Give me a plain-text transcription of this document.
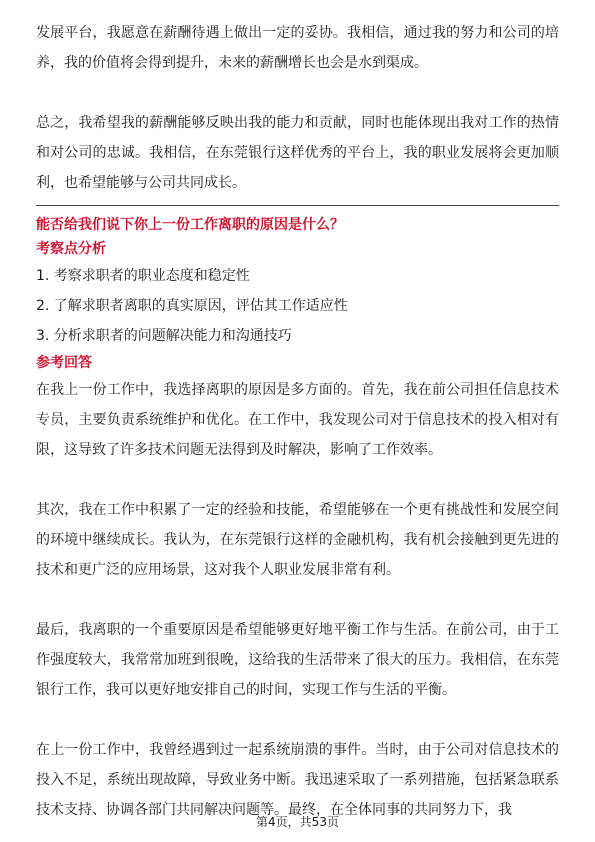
发展平台，我愿意在薪酬待遇上做出一定的妥协。我相信，通过我的努力和公司的培养，我的价值将会得到提升，未来的薪酬增长也会是水到渠成。

总之，我希望我的薪酬能够反映出我的能力和贡献，同时也能体现出我对工作的热情和对公司的忠诚。我相信，在东莞银行这样优秀的平台上，我的职业发展将会更加顺利，也希望能够与公司共同成长。

能否给我们说下你上一份工作离职的原因是什么？

考察点分析

1. 考察求职者的职业态度和稳定性

2. 了解求职者离职的真实原因，评估其工作适应性

3. 分析求职者的问题解决能力和沟通技巧

参考回答

在我上一份工作中，我选择离职的原因是多方面的。首先，我在前公司担任信息技术专员，主要负责系统维护和优化。在工作中，我发现公司对于信息技术的投入相对有限，这导致了许多技术问题无法得到及时解决，影响了工作效率。

其次，我在工作中积累了一定的经验和技能，希望能够在一个更有挑战性和发展空间的环境中继续成长。我认为，在东莞银行这样的金融机构，我有机会接触到更先进的技术和更广泛的应用场景，这对我个人职业发展非常有利。

最后，我离职的一个重要原因是希望能够更好地平衡工作与生活。在前公司，由于工作强度较大，我常常加班到很晚，这给我的生活带来了很大的压力。我相信，在东莞银行工作，我可以更好地安排自己的时间，实现工作与生活的平衡。

在上一份工作中，我曾经遇到过一起系统崩溃的事件。当时，由于公司对信息技术的投入不足，系统出现故障，导致业务中断。我迅速采取了一系列措施，包括紧急联系技术支持、协调各部门共同解决问题等。最终，在全体同事的共同努力下，我

第4页，共53页
